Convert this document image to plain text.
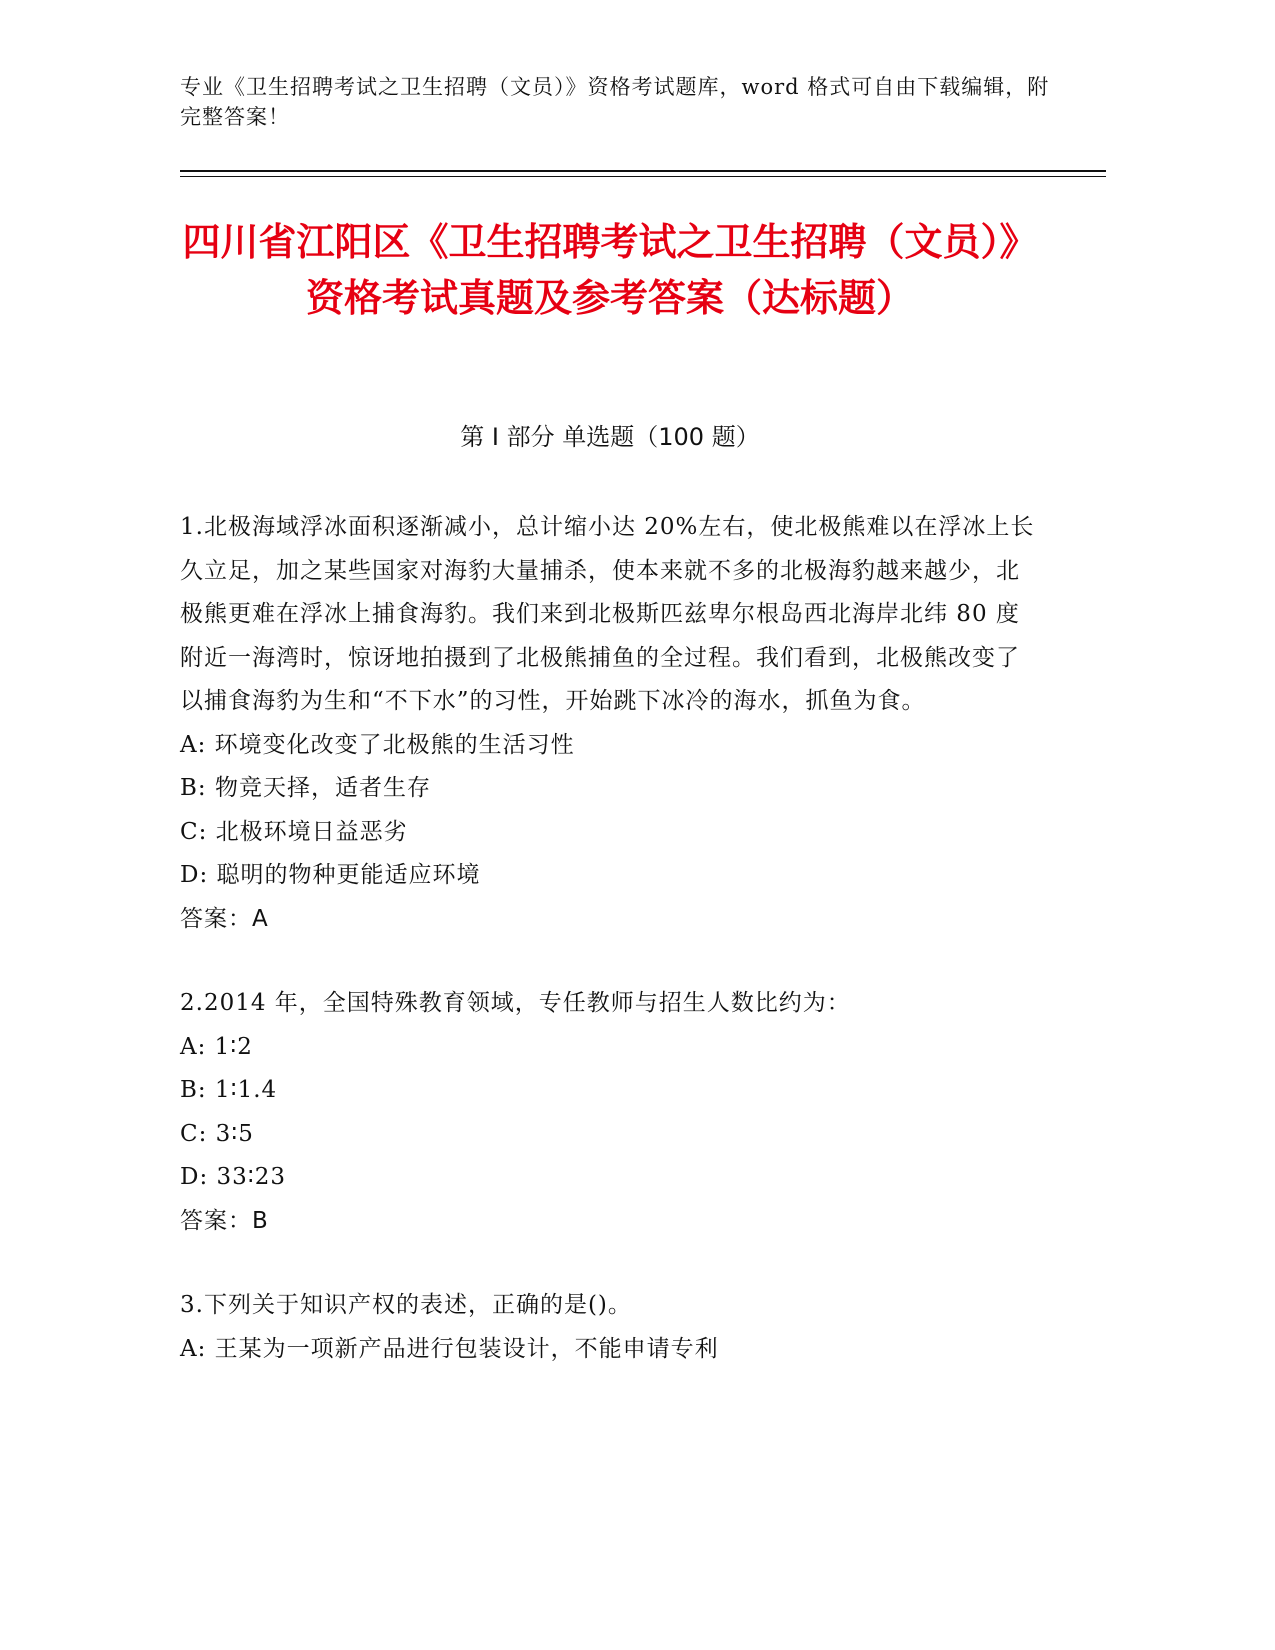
专业《卫生招聘考试之卫生招聘（文员）》资格考试题库，word 格式可自由下载编辑，附完整答案！
四川省江阳区《卫生招聘考试之卫生招聘（文员）》资格考试真题及参考答案（达标题）
第 I 部分 单选题（100 题）

1.北极海域浮冰面积逐渐减小，总计缩小达 20%左右，使北极熊难以在浮冰上长久立足，加之某些国家对海豹大量捕杀，使本来就不多的北极海豹越来越少，北极熊更难在浮冰上捕食海豹。我们来到北极斯匹兹卑尔根岛西北海岸北纬 80 度附近一海湾时，惊讶地拍摄到了北极熊捕鱼的全过程。我们看到，北极熊改变了以捕食海豹为生和“不下水”的习性，开始跳下冰冷的海水，抓鱼为食。

A: 环境变化改变了北极熊的生活习性

B: 物竞天择，适者生存

C: 北极环境日益恶劣

D: 聪明的物种更能适应环境

答案：A

2.2014 年，全国特殊教育领域，专任教师与招生人数比约为：

A: 1∶2

B: 1∶1.4

C: 3∶5

D: 33∶23

答案：B

3.下列关于知识产权的表述，正确的是()。

A: 王某为一项新产品进行包装设计，不能申请专利
